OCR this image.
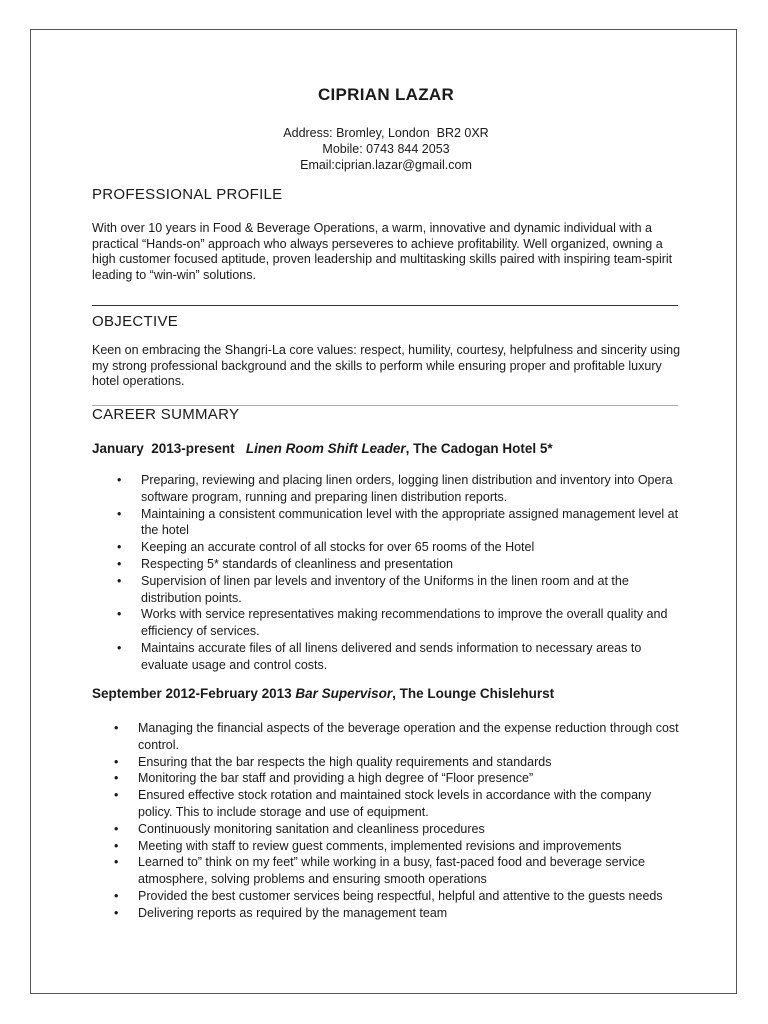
CIPRIAN LAZAR
Address: Bromley, London  BR2 0XR
Mobile: 0743 844 2053
Email:ciprian.lazar@gmail.com
PROFESSIONAL PROFILE
With over 10 years in Food & Beverage Operations, a warm, innovative and dynamic individual with a practical “Hands-on” approach who always perseveres to achieve profitability. Well organized, owning a high customer focused aptitude, proven leadership and multitasking skills paired with inspiring team-spirit leading to “win-win” solutions.
OBJECTIVE
Keen on embracing the Shangri-La core values: respect, humility, courtesy, helpfulness and sincerity using my strong professional background and the skills to perform while ensuring proper and profitable luxury hotel operations.
CAREER SUMMARY
January  2013-present Linen Room Shift Leader, The Cadogan Hotel 5*
• Preparing, reviewing and placing linen orders, logging linen distribution and inventory into Opera software program, running and preparing linen distribution reports.
• Maintaining a consistent communication level with the appropriate assigned management level at the hotel
• Keeping an accurate control of all stocks for over 65 rooms of the Hotel
• Respecting 5* standards of cleanliness and presentation
• Supervision of linen par levels and inventory of the Uniforms in the linen room and at the distribution points.
• Works with service representatives making recommendations to improve the overall quality and efficiency of services.
• Maintains accurate files of all linens delivered and sends information to necessary areas to evaluate usage and control costs.
September 2012-February 2013 Bar Supervisor, The Lounge Chislehurst
• Managing the financial aspects of the beverage operation and the expense reduction through cost control.
• Ensuring that the bar respects the high quality requirements and standards
• Monitoring the bar staff and providing a high degree of “Floor presence”
• Ensured effective stock rotation and maintained stock levels in accordance with the company policy. This to include storage and use of equipment.
• Continuously monitoring sanitation and cleanliness procedures
• Meeting with staff to review guest comments, implemented revisions and improvements
• Learned to” think on my feet” while working in a busy, fast-paced food and beverage service atmosphere, solving problems and ensuring smooth operations
• Provided the best customer services being respectful, helpful and attentive to the guests needs
• Delivering reports as required by the management team
